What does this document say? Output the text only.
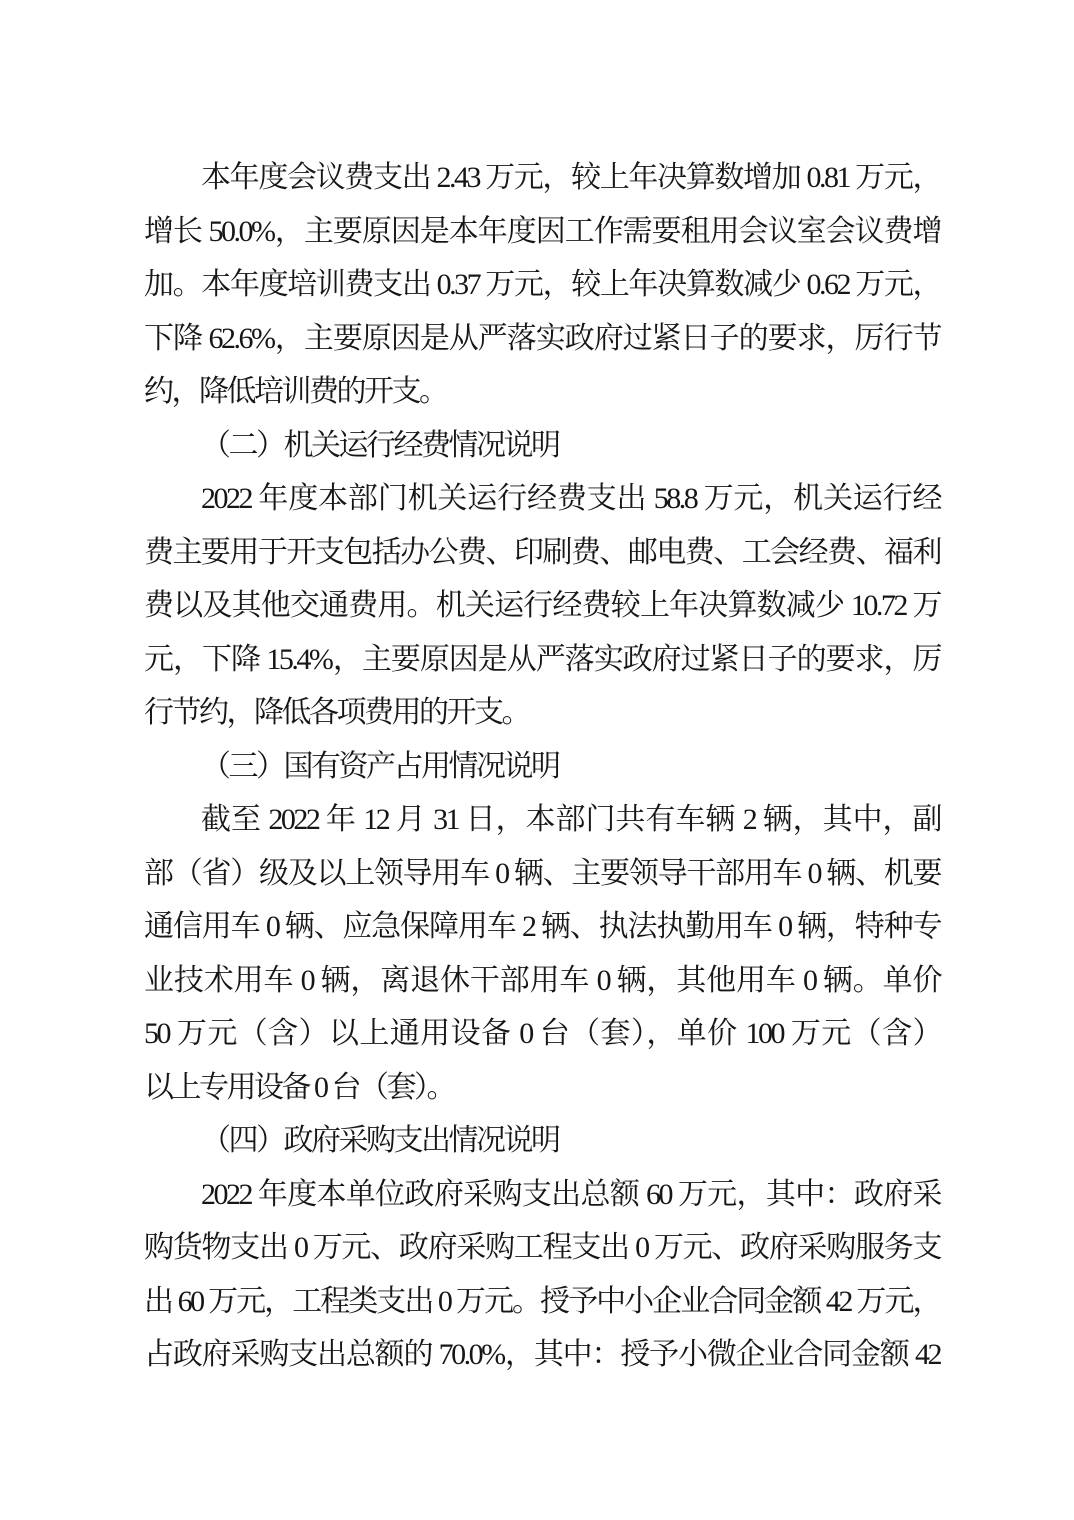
本年度会议费支出 2.43 万元，较上年决算数增加 0.81 万元，
增长 50.0%，主要原因是本年度因工作需要租用会议室会议费增
加。本年度培训费支出 0.37 万元，较上年决算数减少 0.62 万元，
下降 62.6%，主要原因是从严落实政府过紧日子的要求，厉行节
约，降低培训费的开支。
（二）机关运行经费情况说明
2022 年度本部门机关运行经费支出 58.8 万元，机关运行经
费主要用于开支包括办公费、印刷费、邮电费、工会经费、福利
费以及其他交通费用。机关运行经费较上年决算数减少 10.72 万
元，下降 15.4%，主要原因是从严落实政府过紧日子的要求，厉
行节约，降低各项费用的开支。
（三）国有资产占用情况说明
截至 2022 年 12 月 31 日，本部门共有车辆 2 辆，其中，副
部（省）级及以上领导用车 0 辆、主要领导干部用车 0 辆、机要
通信用车 0 辆、应急保障用车 2 辆、执法执勤用车 0 辆，特种专
业技术用车 0 辆，离退休干部用车 0 辆，其他用车 0 辆。单价
50 万元（含）以上通用设备 0 台（套），单价 100 万元（含）
以上专用设备 0 台（套）。
（四）政府采购支出情况说明
2022 年度本单位政府采购支出总额 60 万元，其中：政府采
购货物支出 0 万元、政府采购工程支出 0 万元、政府采购服务支
出 60 万元，工程类支出 0 万元。授予中小企业合同金额 42 万元，
占政府采购支出总额的 70.0%，其中：授予小微企业合同金额 42
